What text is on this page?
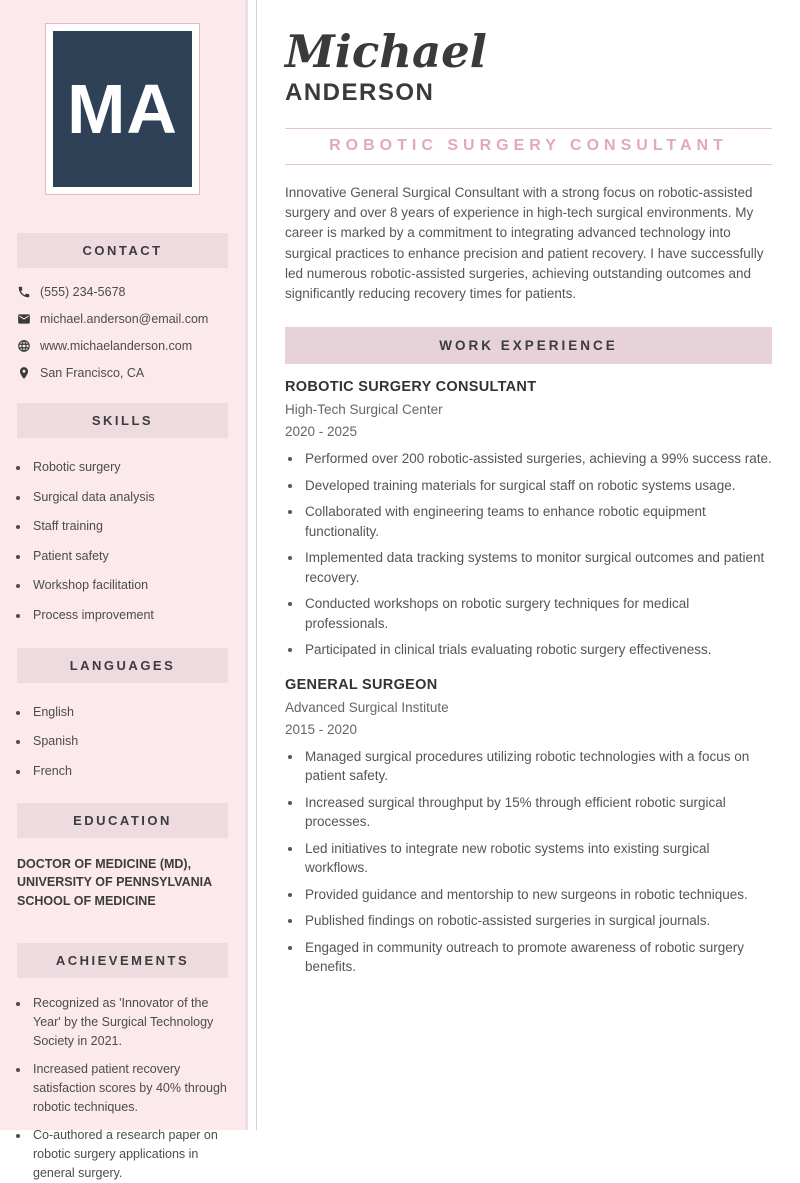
MA
CONTACT
(555) 234-5678
michael.anderson@email.com
www.michaelanderson.com
San Francisco, CA
SKILLS
• Robotic surgery
• Surgical data analysis
• Staff training
• Patient safety
• Workshop facilitation
• Process improvement
LANGUAGES
• English
• Spanish
• French
EDUCATION

DOCTOR OF MEDICINE (MD), UNIVERSITY OF PENNSYLVANIA SCHOOL OF MEDICINE

ACHIEVEMENTS
• Recognized as 'Innovator of the Year' by the Surgical Technology Society in 2021.
• Increased patient recovery satisfaction scores by 40% through robotic techniques.
• Co-authored a research paper on robotic surgery applications in general surgery.
Michael
ANDERSON
ROBOTIC SURGERY CONSULTANT

Innovative General Surgical Consultant with a strong focus on robotic-assisted surgery and over 8 years of experience in high-tech surgical environments. My career is marked by a commitment to integrating advanced technology into surgical practices to enhance precision and patient recovery. I have successfully led numerous robotic-assisted surgeries, achieving outstanding outcomes and significantly reducing recovery times for patients.

WORK EXPERIENCE
ROBOTIC SURGERY CONSULTANT
High-Tech Surgical Center
2020 - 2025
• Performed over 200 robotic-assisted surgeries, achieving a 99% success rate.
• Developed training materials for surgical staff on robotic systems usage.
• Collaborated with engineering teams to enhance robotic equipment functionality.
• Implemented data tracking systems to monitor surgical outcomes and patient recovery.
• Conducted workshops on robotic surgery techniques for medical professionals.
• Participated in clinical trials evaluating robotic surgery effectiveness.
GENERAL SURGEON
Advanced Surgical Institute
2015 - 2020
• Managed surgical procedures utilizing robotic technologies with a focus on patient safety.
• Increased surgical throughput by 15% through efficient robotic surgical processes.
• Led initiatives to integrate new robotic systems into existing surgical workflows.
• Provided guidance and mentorship to new surgeons in robotic techniques.
• Published findings on robotic-assisted surgeries in surgical journals.
• Engaged in community outreach to promote awareness of robotic surgery benefits.
